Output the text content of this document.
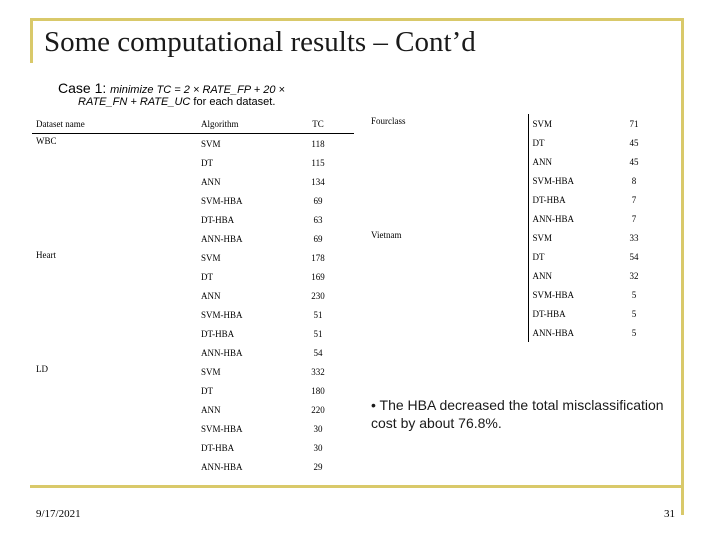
Some computational results – Cont’d
Case 1: minimize TC = 2 × RATE_FP + 20 ×
RATE_FN + RATE_UC for each dataset.
Dataset name	Algorithm	TC
WBC	SVM	118
	DT	115
	ANN	134
	SVM-HBA	69
	DT-HBA	63
	ANN-HBA	69
Heart	SVM	178
	DT	169
	ANN	230
	SVM-HBA	51
	DT-HBA	51
	ANN-HBA	54
LD	SVM	332
	DT	180
	ANN	220
	SVM-HBA	30
	DT-HBA	30
	ANN-HBA	29
Fourclass	SVM	71
	DT	45
	ANN	45
	SVM-HBA	8
	DT-HBA	7
	ANN-HBA	7
Vietnam	SVM	33
	DT	54
	ANN	32
	SVM-HBA	5
	DT-HBA	5
	ANN-HBA	5
• The HBA decreased the total misclassification cost by about 76.8%.
9/17/2021	31
